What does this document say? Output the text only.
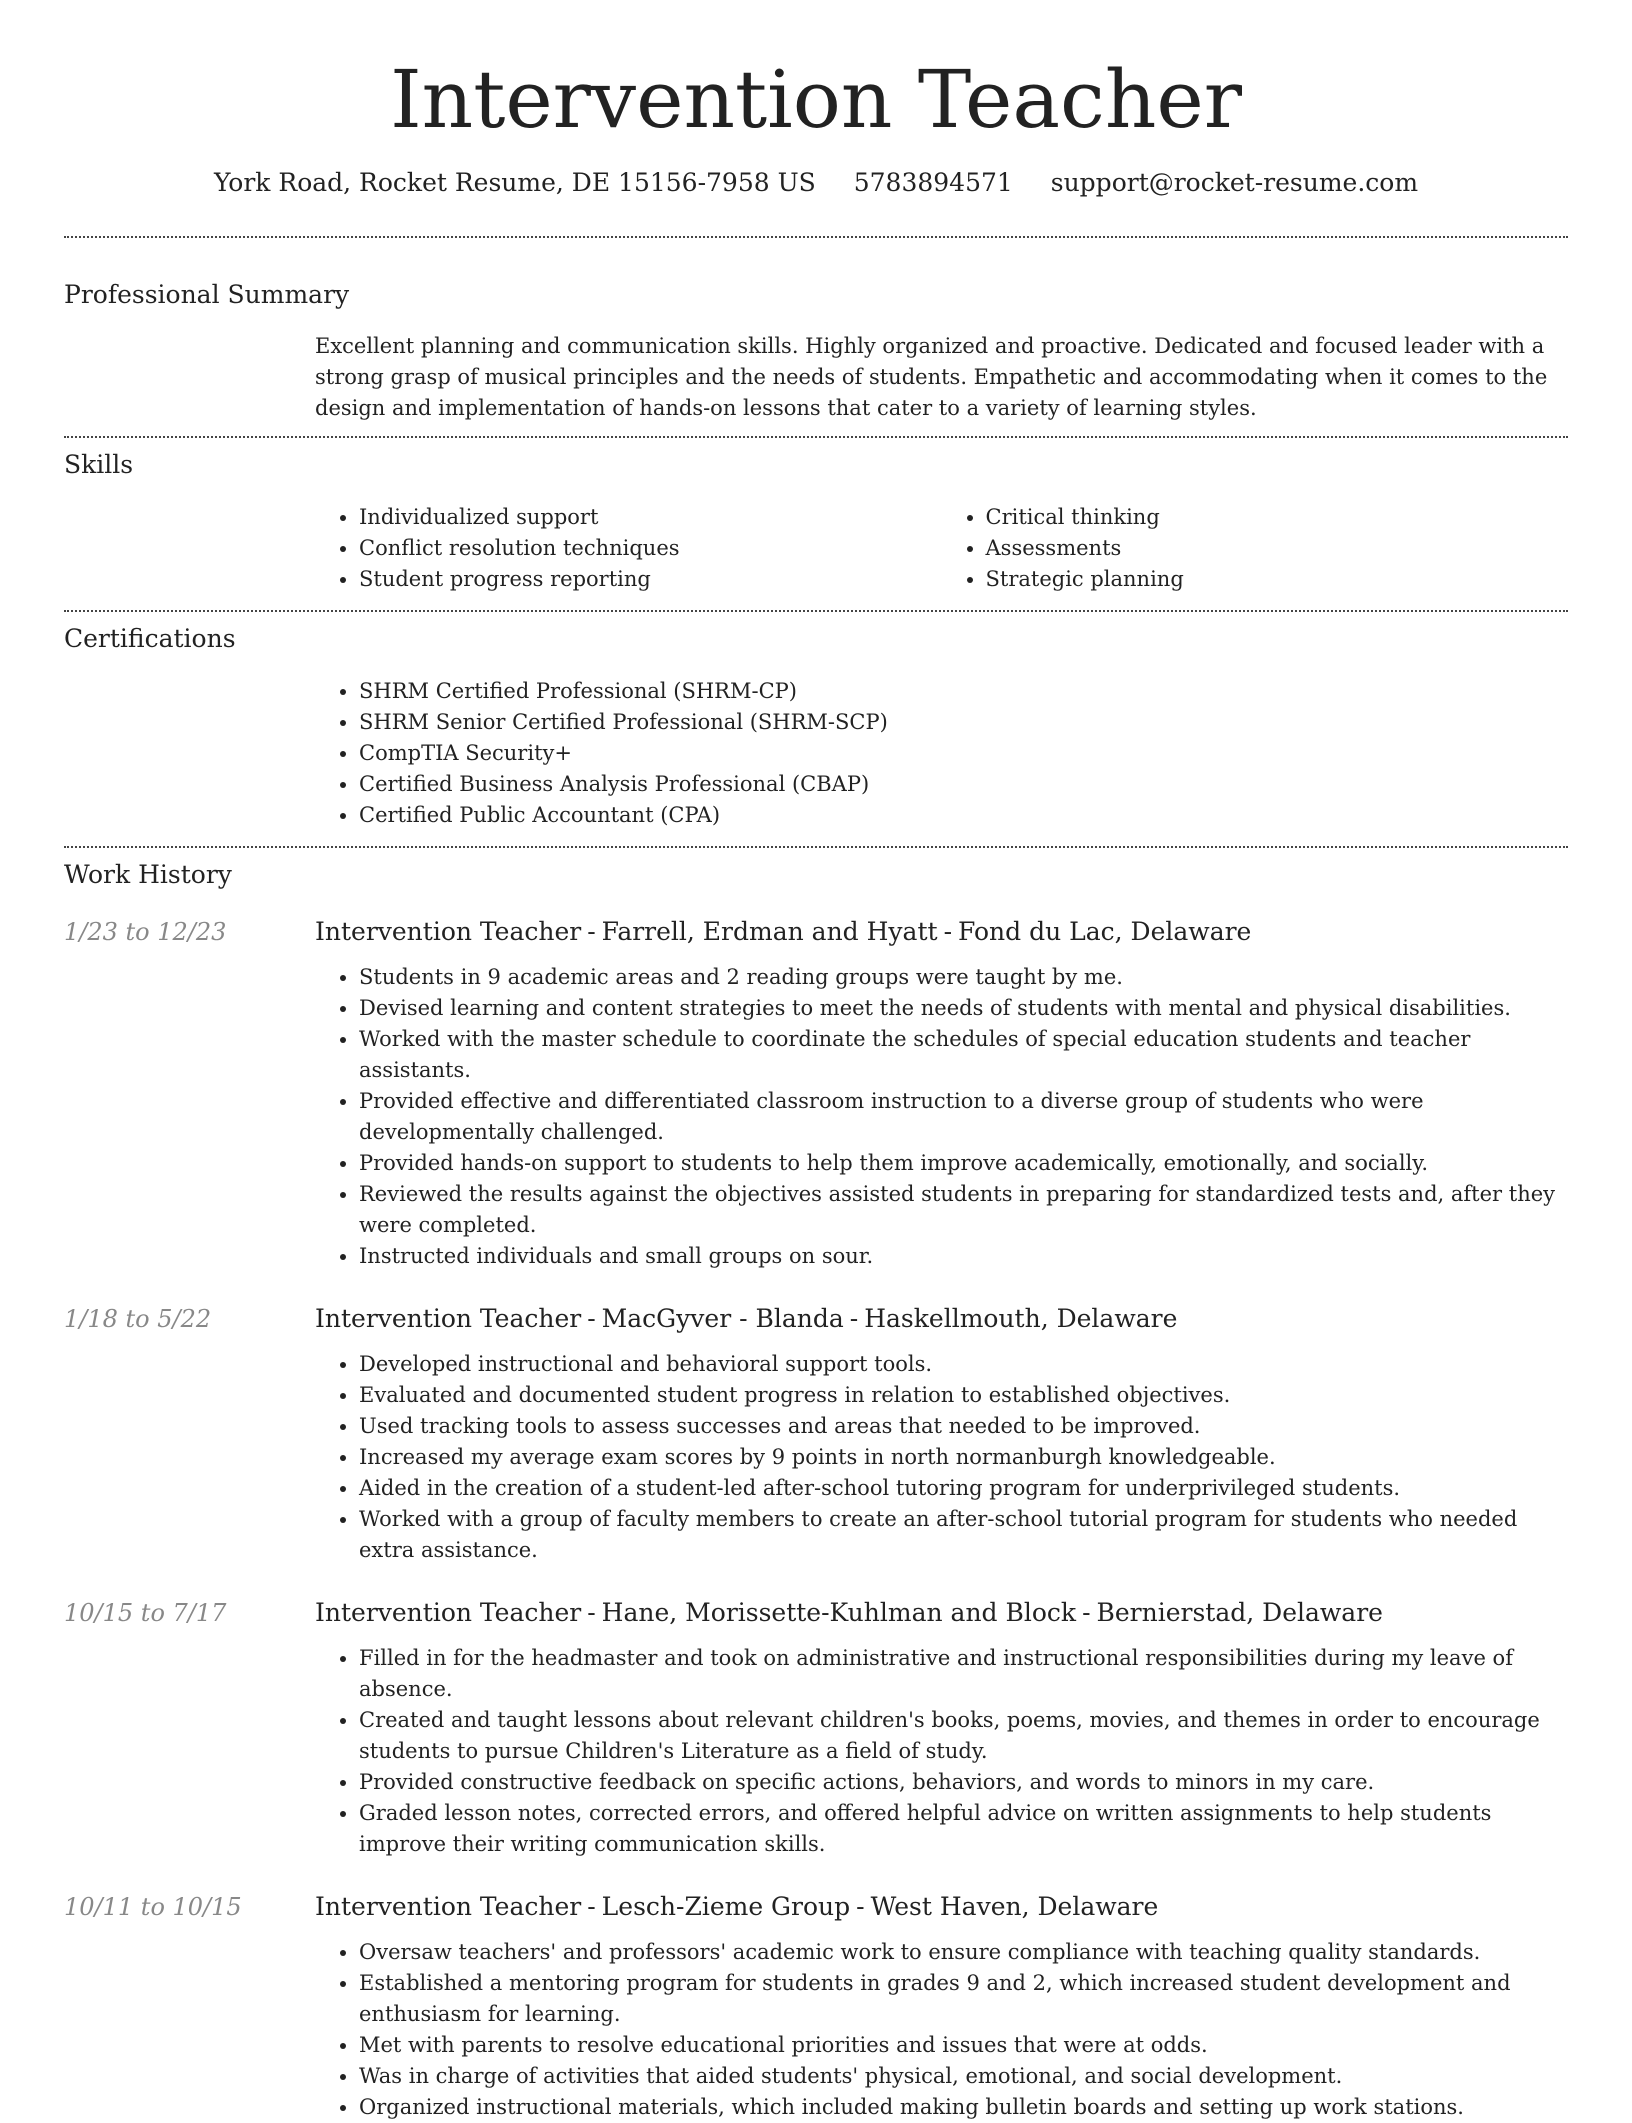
Intervention Teacher
York Road, Rocket Resume, DE 15156-7958 US 5783894571 support@rocket-resume.com
Professional Summary
Excellent planning and communication skills. Highly organized and proactive. Dedicated and focused leader with a strong grasp of musical principles and the needs of students. Empathetic and accommodating when it comes to the design and implementation of hands-on lessons that cater to a variety of learning styles.
Skills
• Individualized support
• Conflict resolution techniques
• Student progress reporting
• Critical thinking
• Assessments
• Strategic planning
Certifications
• SHRM Certified Professional (SHRM-CP)
• SHRM Senior Certified Professional (SHRM-SCP)
• CompTIA Security+
• Certified Business Analysis Professional (CBAP)
• Certified Public Accountant (CPA)
Work History
1/23 to 12/23	Intervention Teacher - Farrell, Erdman and Hyatt - Fond du Lac, Delaware
• Students in 9 academic areas and 2 reading groups were taught by me.
• Devised learning and content strategies to meet the needs of students with mental and physical disabilities.
• Worked with the master schedule to coordinate the schedules of special education students and teacher assistants.
• Provided effective and differentiated classroom instruction to a diverse group of students who were developmentally challenged.
• Provided hands-on support to students to help them improve academically, emotionally, and socially.
• Reviewed the results against the objectives assisted students in preparing for standardized tests and, after they were completed.
• Instructed individuals and small groups on sour.
1/18 to 5/22	Intervention Teacher - MacGyver - Blanda - Haskellmouth, Delaware
• Developed instructional and behavioral support tools.
• Evaluated and documented student progress in relation to established objectives.
• Used tracking tools to assess successes and areas that needed to be improved.
• Increased my average exam scores by 9 points in north normanburgh knowledgeable.
• Aided in the creation of a student-led after-school tutoring program for underprivileged students.
• Worked with a group of faculty members to create an after-school tutorial program for students who needed extra assistance.
10/15 to 7/17	Intervention Teacher - Hane, Morissette-Kuhlman and Block - Bernierstad, Delaware
• Filled in for the headmaster and took on administrative and instructional responsibilities during my leave of absence.
• Created and taught lessons about relevant children's books, poems, movies, and themes in order to encourage students to pursue Children's Literature as a field of study.
• Provided constructive feedback on specific actions, behaviors, and words to minors in my care.
• Graded lesson notes, corrected errors, and offered helpful advice on written assignments to help students improve their writing communication skills.
10/11 to 10/15	Intervention Teacher - Lesch-Zieme Group - West Haven, Delaware
• Oversaw teachers' and professors' academic work to ensure compliance with teaching quality standards.
• Established a mentoring program for students in grades 9 and 2, which increased student development and enthusiasm for learning.
• Met with parents to resolve educational priorities and issues that were at odds.
• Was in charge of activities that aided students' physical, emotional, and social development.
• Organized instructional materials, which included making bulletin boards and setting up work stations.
